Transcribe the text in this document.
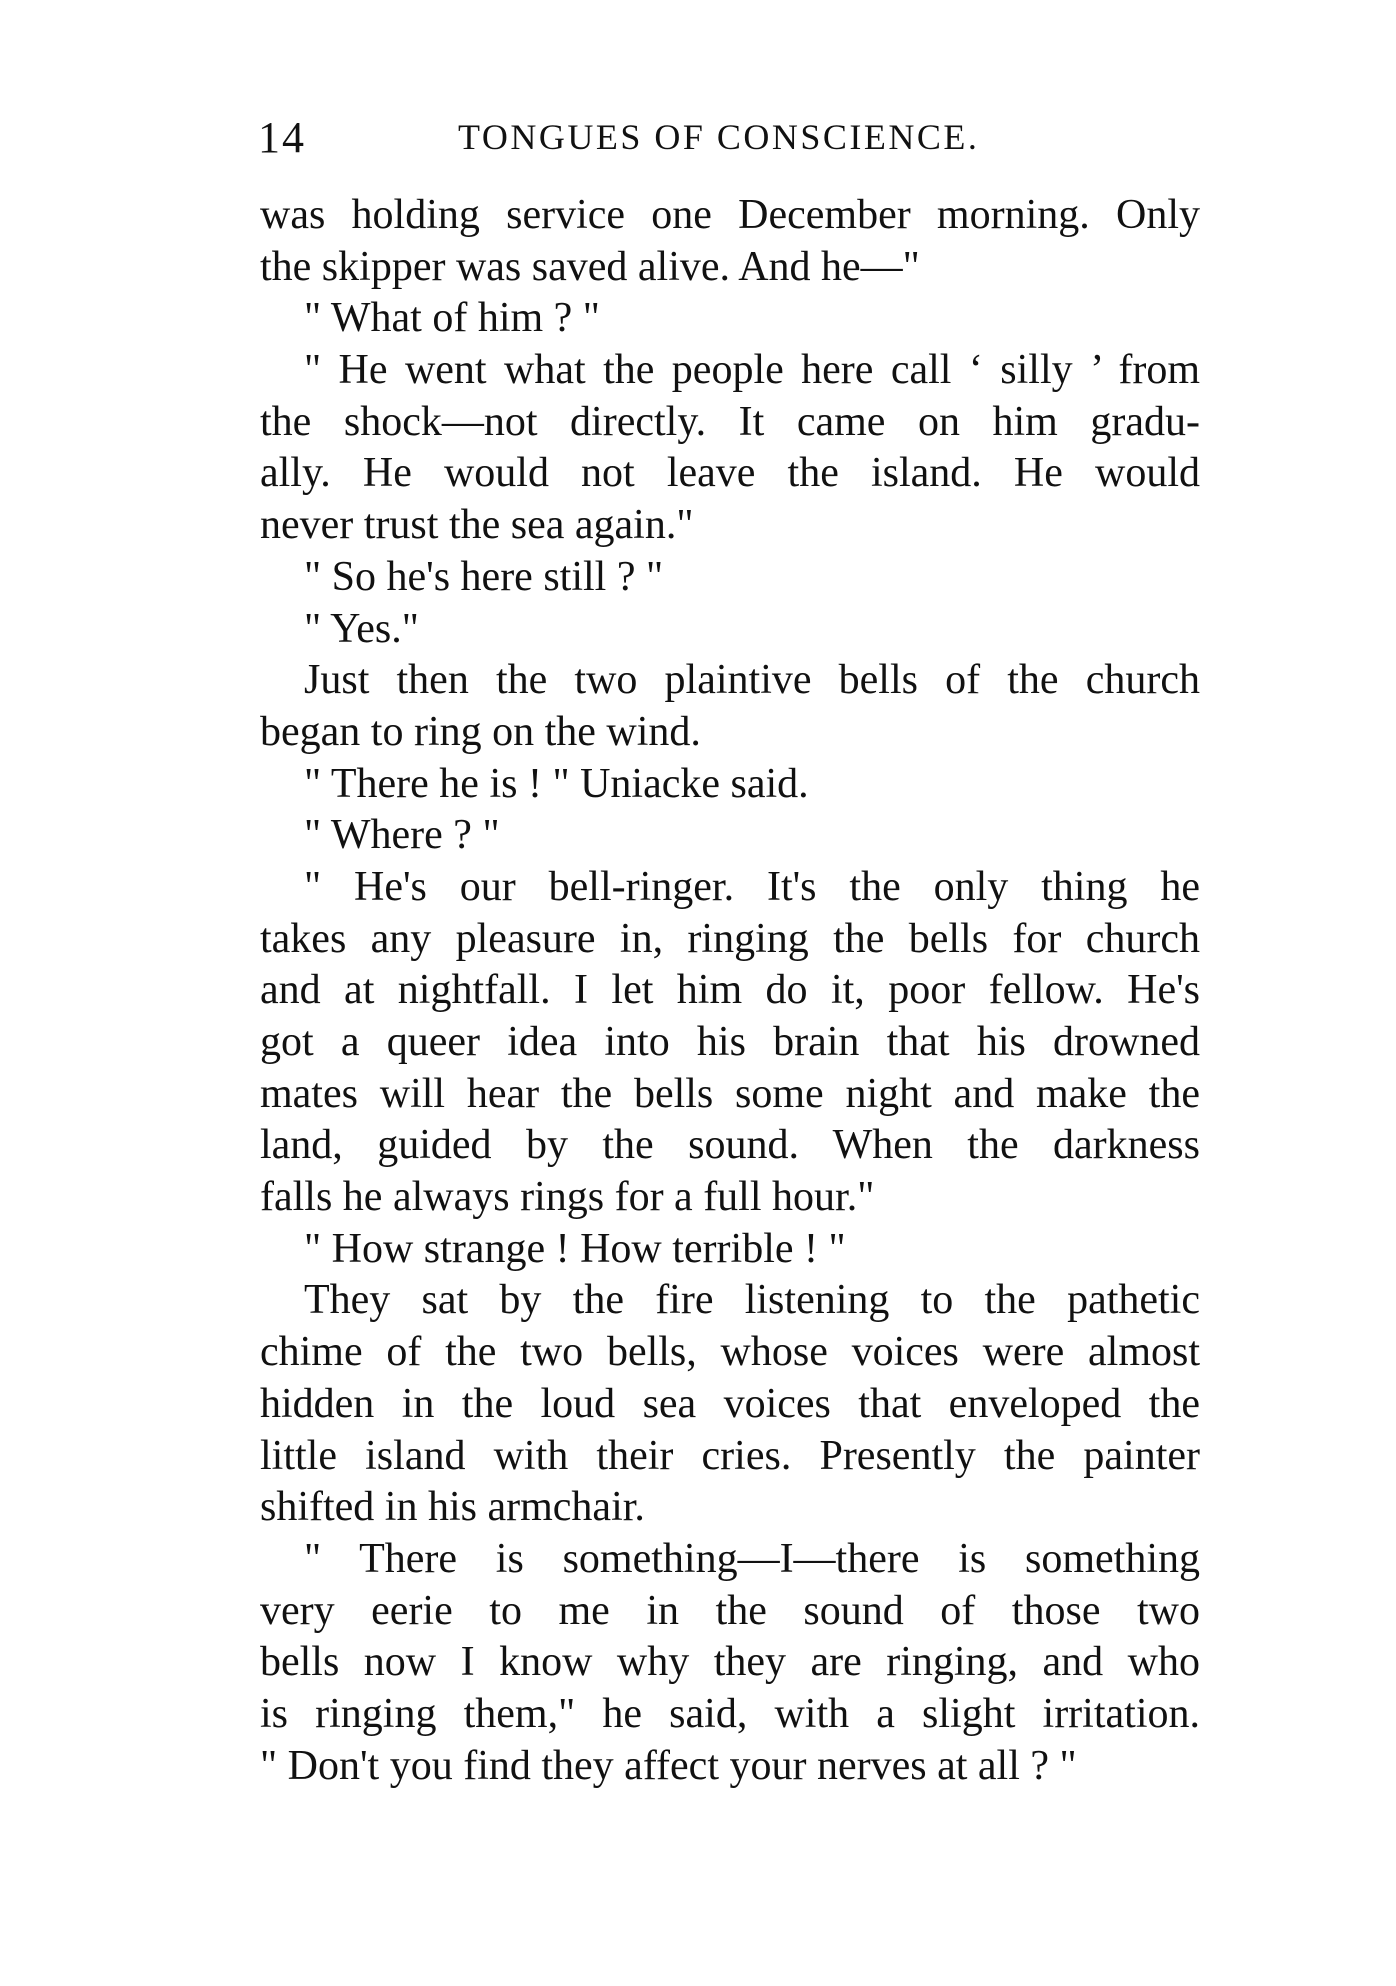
14	TONGUES OF CONSCIENCE.
was holding service one December morning. Only
the skipper was saved alive. And he—"
" What of him ? "
" He went what the people here call ‘ silly ’ from
the shock—not directly. It came on him gradu-
ally. He would not leave the island. He would
never trust the sea again."
" So he's here still ? "
" Yes."
Just then the two plaintive bells of the church
began to ring on the wind.
" There he is ! " Uniacke said.
" Where ? "
" He's our bell-ringer. It's the only thing he
takes any pleasure in, ringing the bells for church
and at nightfall. I let him do it, poor fellow. He's
got a queer idea into his brain that his drowned
mates will hear the bells some night and make the
land, guided by the sound. When the darkness
falls he always rings for a full hour."
" How strange ! How terrible ! "
They sat by the fire listening to the pathetic
chime of the two bells, whose voices were almost
hidden in the loud sea voices that enveloped the
little island with their cries. Presently the painter
shifted in his armchair.
" There is something—I—there is something
very eerie to me in the sound of those two
bells now I know why they are ringing, and who
is ringing them," he said, with a slight irritation.
" Don't you find they affect your nerves at all ? "
